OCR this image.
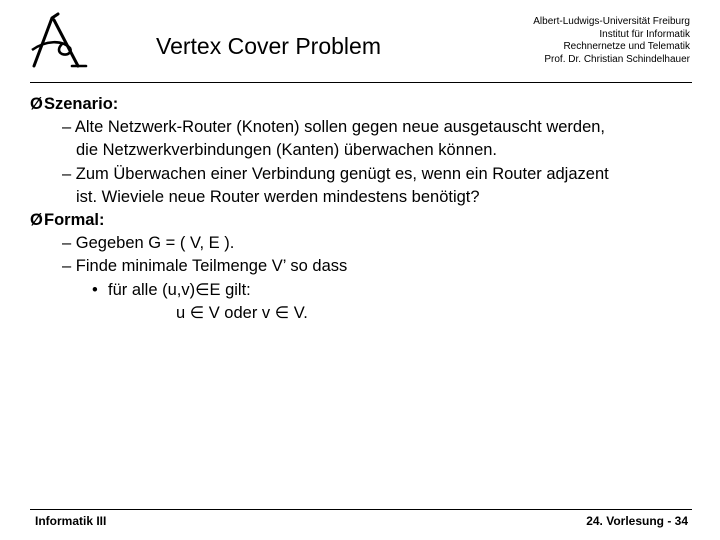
Vertex Cover Problem
Albert-Ludwigs-Universität Freiburg
Institut für Informatik
Rechnernetze und Telematik
Prof. Dr. Christian Schindelhauer
ØSzenario:
– Alte Netzwerk-Router (Knoten) sollen gegen neue ausgetauscht werden,
die Netzwerkverbindungen (Kanten) überwachen können.
– Zum Überwachen einer Verbindung genügt es, wenn ein Router adjazent
ist. Wieviele neue Router werden mindestens benötigt?
ØFormal:
– Gegeben G = ( V, E ).
– Finde minimale Teilmenge V’ so dass
• für alle (u,v)∈E gilt:
u ∈ V oder v ∈ V.
Informatik III	24. Vorlesung - 34
